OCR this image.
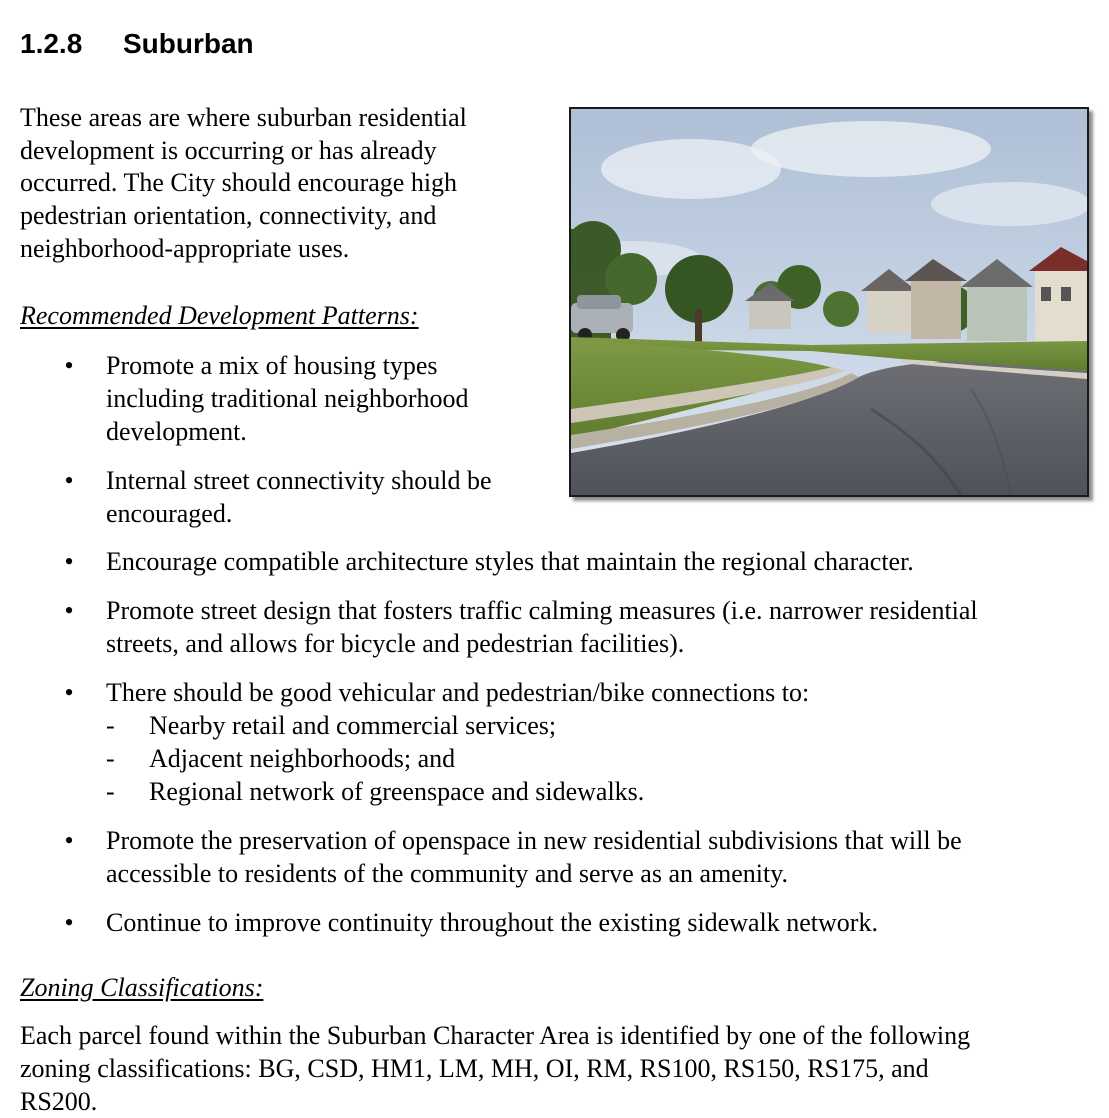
1.2.8 Suburban

These areas are where suburban residential
development is occurring or has already
occurred. The City should encourage high
pedestrian orientation, connectivity, and
neighborhood-appropriate uses.

Recommended Development Patterns:

• Promote a mix of housing types
including traditional neighborhood
development.
• Internal street connectivity should be
encouraged.
• Encourage compatible architecture styles that maintain the regional character.
• Promote street design that fosters traffic calming measures (i.e. narrower residential
streets, and allows for bicycle and pedestrian facilities).
• There should be good vehicular and pedestrian/bike connections to:
- Nearby retail and commercial services;
- Adjacent neighborhoods; and
- Regional network of greenspace and sidewalks.
• Promote the preservation of openspace in new residential subdivisions that will be
accessible to residents of the community and serve as an amenity.
• Continue to improve continuity throughout the existing sidewalk network.

Zoning Classifications:

Each parcel found within the Suburban Character Area is identified by one of the following
zoning classifications: BG, CSD, HM1, LM, MH, OI, RM, RS100, RS150, RS175, and
RS200.
